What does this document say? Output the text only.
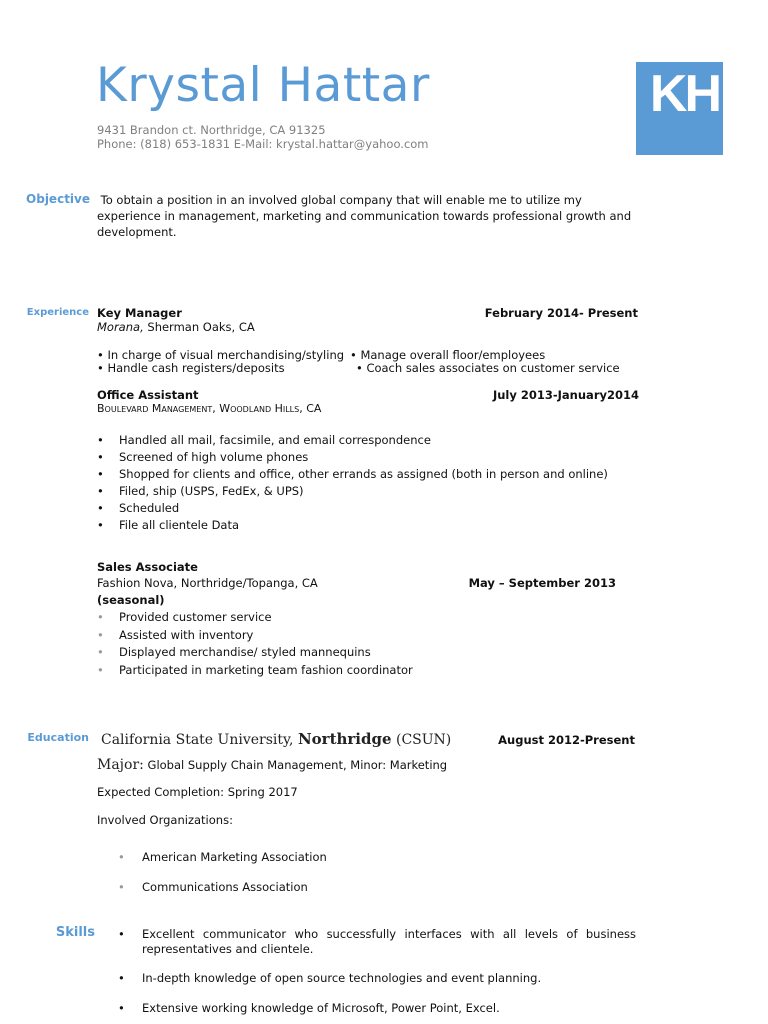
Krystal Hattar
9431 Brandon ct. Northridge, CA 91325
Phone: (818) 653-1831 E-Mail: krystal.hattar@yahoo.com
KH
Objective To obtain a position in an involved global company that will enable me to utilize my experience in management, marketing and communication towards professional growth and development.
Experience Key Manager	February 2014- Present
Morana, Sherman Oaks, CA
• In charge of visual merchandising/styling
• Handle cash registers/deposits
• Manage overall floor/employees
• Coach sales associates on customer service
Office Assistant	July 2013-January2014
Boulevard Management, Woodland Hills, CA
• Handled all mail, facsimile, and email correspondence
• Screened of high volume phones
• Shopped for clients and office, other errands as assigned (both in person and online)
• Filed, ship (USPS, FedEx, & UPS)
• Scheduled
• File all clientele Data
Sales Associate
Fashion Nova, Northridge/Topanga, CA	May – September 2013
(seasonal)
• Provided customer service
• Assisted with inventory
• Displayed merchandise/ styled mannequins
• Participated in marketing team fashion coordinator
Education California State University, Northridge (CSUN)	August 2012-Present
Major: Global Supply Chain Management, Minor: Marketing
Expected Completion: Spring 2017
Involved Organizations:
• American Marketing Association
• Communications Association
Skills • Excellent communicator who successfully interfaces with all levels of business representatives and clientele.
• In-depth knowledge of open source technologies and event planning.
• Extensive working knowledge of Microsoft, Power Point, Excel.
